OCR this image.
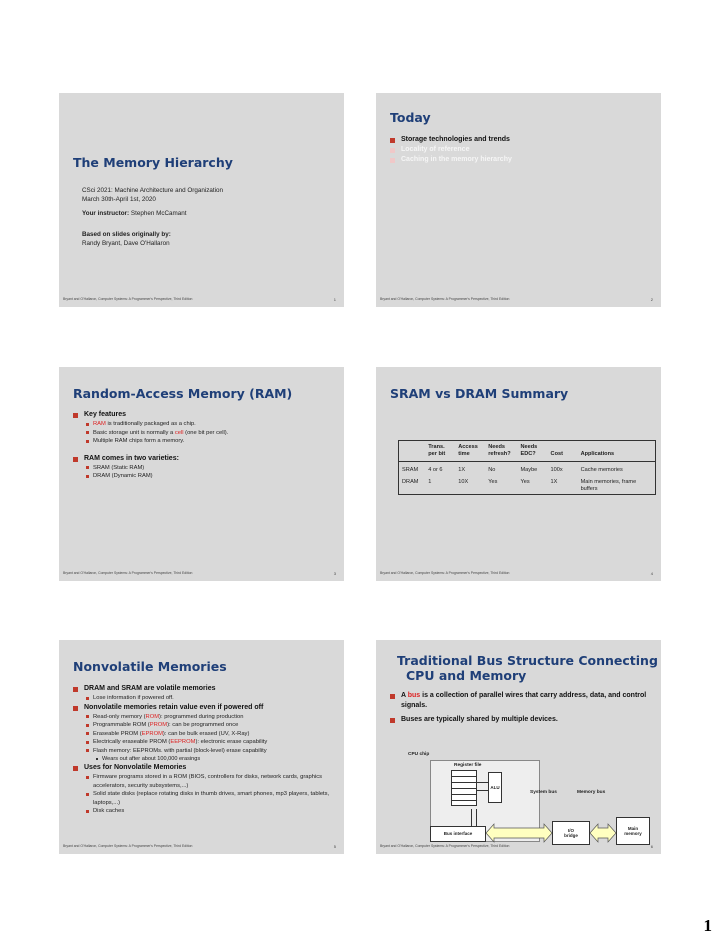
The Memory Hierarchy
CSci 2021: Machine Architecture and Organization
March 30th-April 1st, 2020
Your instructor: Stephen McCamant
Based on slides originally by:
Randy Bryant, Dave O'Hallaron
Bryant and O'Hallaron, Computer Systems: A Programmer's Perspective, Third Edition	1
Today
Storage technologies and trends
Locality of reference
Caching in the memory hierarchy
Bryant and O'Hallaron, Computer Systems: A Programmer's Perspective, Third Edition	2
Random-Access Memory (RAM)
Key features
RAM is traditionally packaged as a chip.
Basic storage unit is normally a cell (one bit per cell).
Multiple RAM chips form a memory.
RAM comes in two varieties:
SRAM (Static RAM)
DRAM (Dynamic RAM)
Bryant and O'Hallaron, Computer Systems: A Programmer's Perspective, Third Edition	3
SRAM vs DRAM Summary
	Trans. per bit	Access time	Needs refresh?	Needs EDC?	Cost	Applications
SRAM	4 or 6	1X	No	Maybe	100x	Cache memories
DRAM	1	10X	Yes	Yes	1X	Main memories, frame buffers
Bryant and O'Hallaron, Computer Systems: A Programmer's Perspective, Third Edition	4
Nonvolatile Memories
DRAM and SRAM are volatile memories
Lose information if powered off.
Nonvolatile memories retain value even if powered off
Read-only memory (ROM): programmed during production
Programmable ROM (PROM): can be programmed once
Eraseable PROM (EPROM): can be bulk erased (UV, X-Ray)
Electrically eraseable PROM (EEPROM): electronic erase capability
Flash memory: EEPROMs. with partial (block-level) erase capability
Wears out after about 100,000 erasings
Uses for Nonvolatile Memories
Firmware programs stored in a ROM (BIOS, controllers for disks, network cards, graphics accelerators, security subsystems,...)
Solid state disks (replace rotating disks in thumb drives, smart phones, mp3 players, tablets, laptops,...)
Disk caches
Bryant and O'Hallaron, Computer Systems: A Programmer's Perspective, Third Edition	5
Traditional Bus Structure Connecting
CPU and Memory
A bus is a collection of parallel wires that carry address, data, and control signals.
Buses are typically shared by multiple devices.
CPU chip
Register file
ALU
Bus interface
System bus	Memory bus
I/O
bridge
Main
memory
Bryant and O'Hallaron, Computer Systems: A Programmer's Perspective, Third Edition	6
1
